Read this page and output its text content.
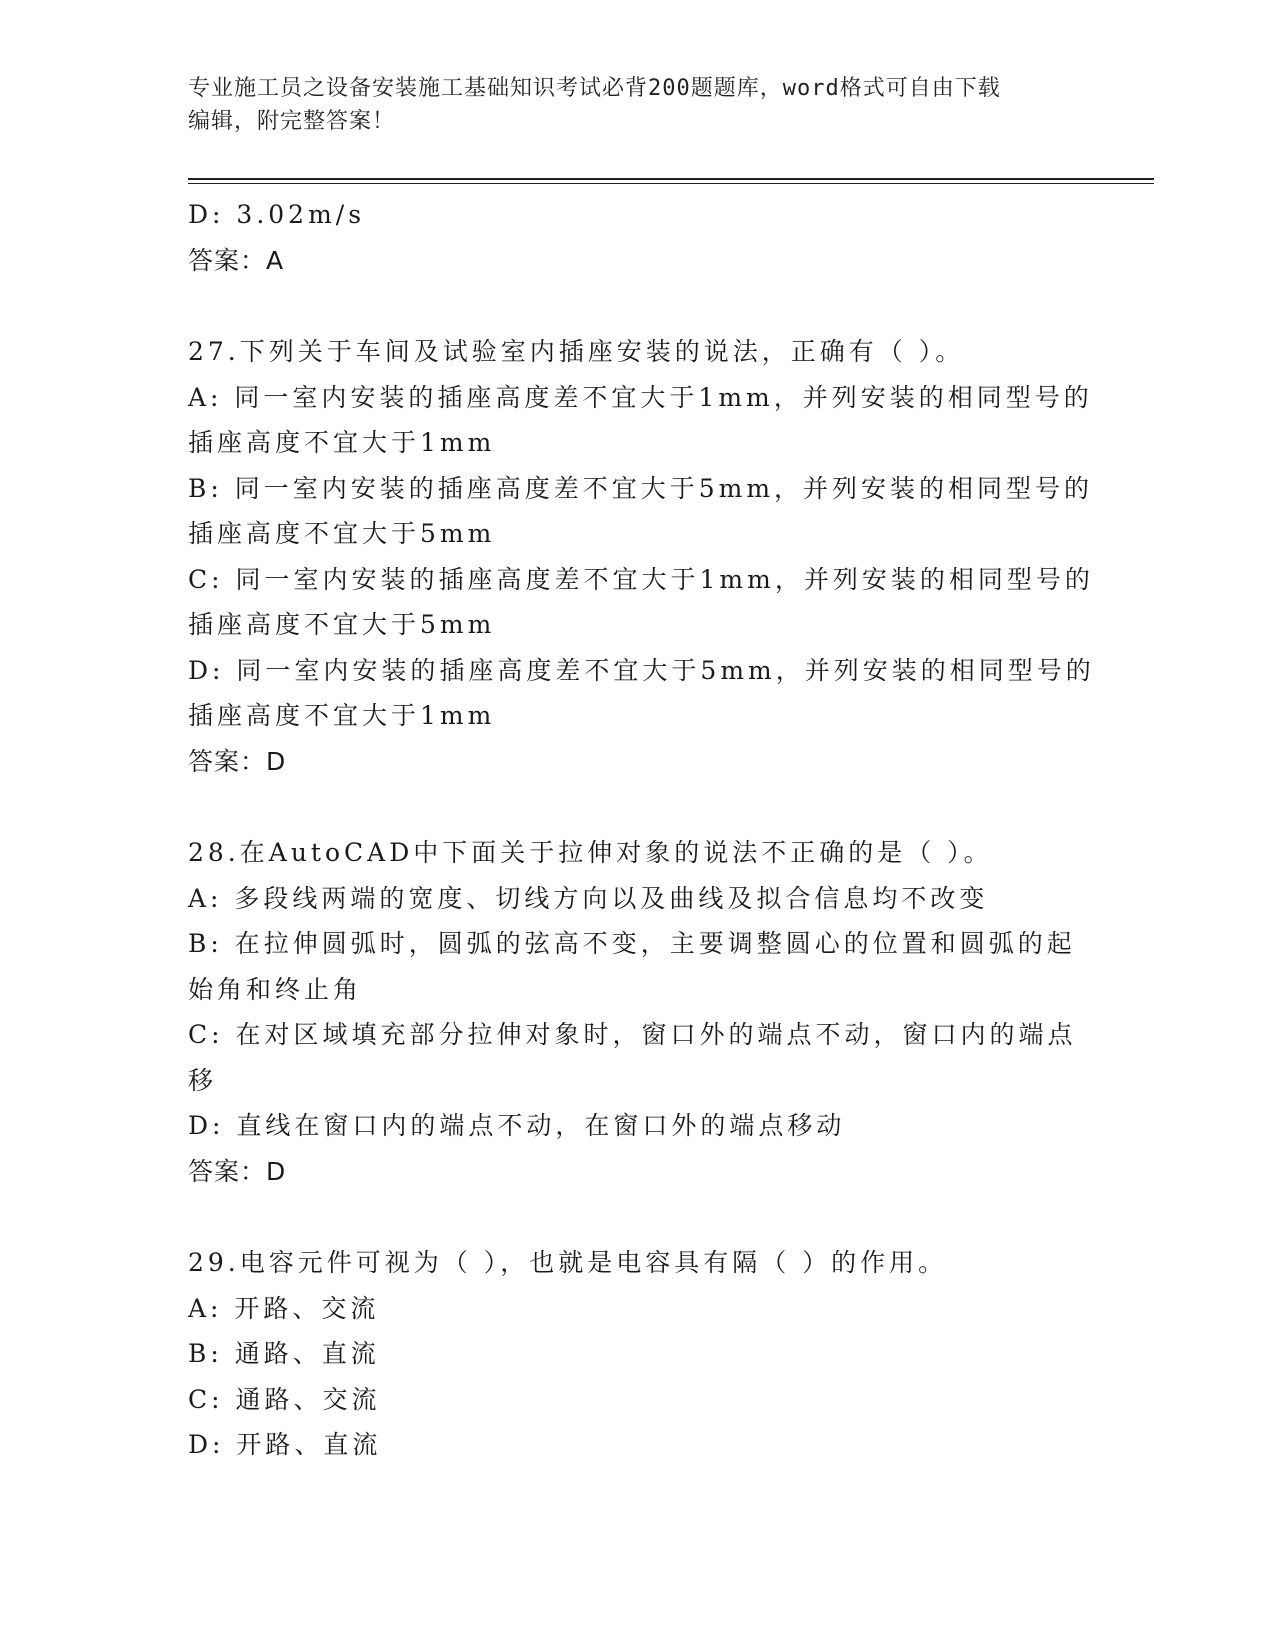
专业施工员之设备安装施工基础知识考试必背200题题库，word格式可自由下载
编辑，附完整答案！
D: 3.02m/s
答案：A
27.下列关于车间及试验室内插座安装的说法，正确有（ ）。
A: 同一室内安装的插座高度差不宜大于1mm，并列安装的相同型号的
插座高度不宜大于1mm
B: 同一室内安装的插座高度差不宜大于5mm，并列安装的相同型号的
插座高度不宜大于5mm
C: 同一室内安装的插座高度差不宜大于1mm，并列安装的相同型号的
插座高度不宜大于5mm
D: 同一室内安装的插座高度差不宜大于5mm，并列安装的相同型号的
插座高度不宜大于1mm
答案：D
28.在AutoCAD中下面关于拉伸对象的说法不正确的是（ ）。
A: 多段线两端的宽度、切线方向以及曲线及拟合信息均不改变
B: 在拉伸圆弧时，圆弧的弦高不变，主要调整圆心的位置和圆弧的起
始角和终止角
C: 在对区域填充部分拉伸对象时，窗口外的端点不动，窗口内的端点
移
D: 直线在窗口内的端点不动，在窗口外的端点移动
答案：D
29.电容元件可视为（ ），也就是电容具有隔（ ）的作用。
A: 开路、交流
B: 通路、直流
C: 通路、交流
D: 开路、直流
